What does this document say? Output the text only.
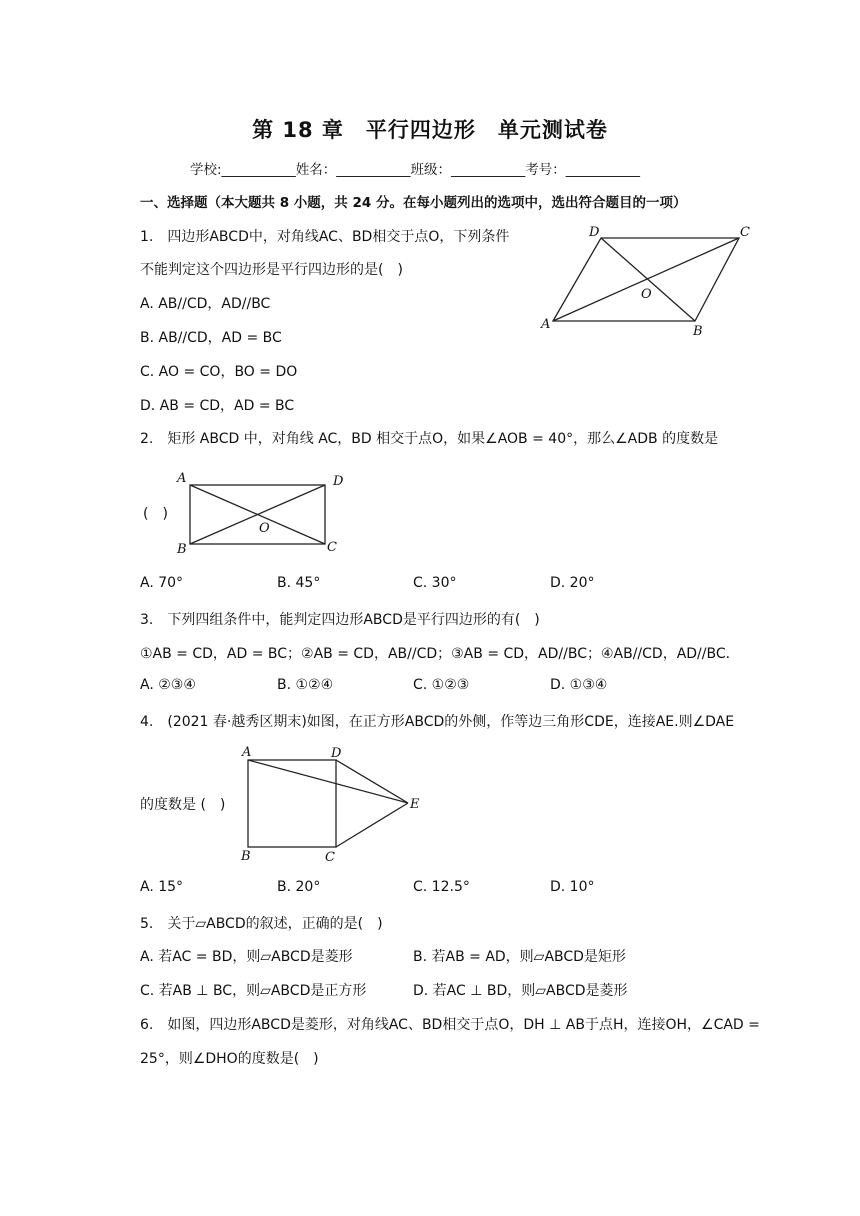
第 18 章　平行四边形　单元测试卷
学校:___________姓名：___________班级：___________考号：___________
一、选择题（本大题共 8 小题，共 24 分。在每小题列出的选项中，选出符合题目的一项）
1.　四边形ABCD中，对角线AC、BD相交于点O，下列条件
不能判定这个四边形是平行四边形的是(　)
A. AB//CD，AD//BC
B. AB//CD，AD = BC
C. AO = CO，BO = DO
D. AB = CD，AD = BC
A	B
C
D
O
2.　矩形 ABCD 中，对角线 AC，BD 相交于点O，如果∠AOB = 40°，那么∠ADB 的度数是
(　)
A
B	C
D
O
A. 70°	B. 45°	C. 30°	D. 20°
3.　下列四组条件中，能判定四边形ABCD是平行四边形的有(　)
①AB = CD，AD = BC；②AB = CD，AB//CD；③AB = CD，AD//BC；④AB//CD，AD//BC．
A. ②③④	B. ①②④	C. ①②③	D. ①③④
4.　(2021 春·越秀区期末)如图，在正方形ABCD的外侧，作等边三角形CDE，连接AE.则∠DAE
的度数是 (　)
A
B	C
D
E
A. 15°	B. 20°	C. 12.5°	D. 10°
5.　关于▱ABCD的叙述，正确的是(　)
A. 若AC = BD，则▱ABCD是菱形	B. 若AB = AD，则▱ABCD是矩形
C. 若AB ⊥ BC，则▱ABCD是正方形	D. 若AC ⊥ BD，则▱ABCD是菱形
6.　如图，四边形ABCD是菱形，对角线AC、BD相交于点O，DH ⊥ AB于点H，连接OH，∠CAD =
25°，则∠DHO的度数是(　)
